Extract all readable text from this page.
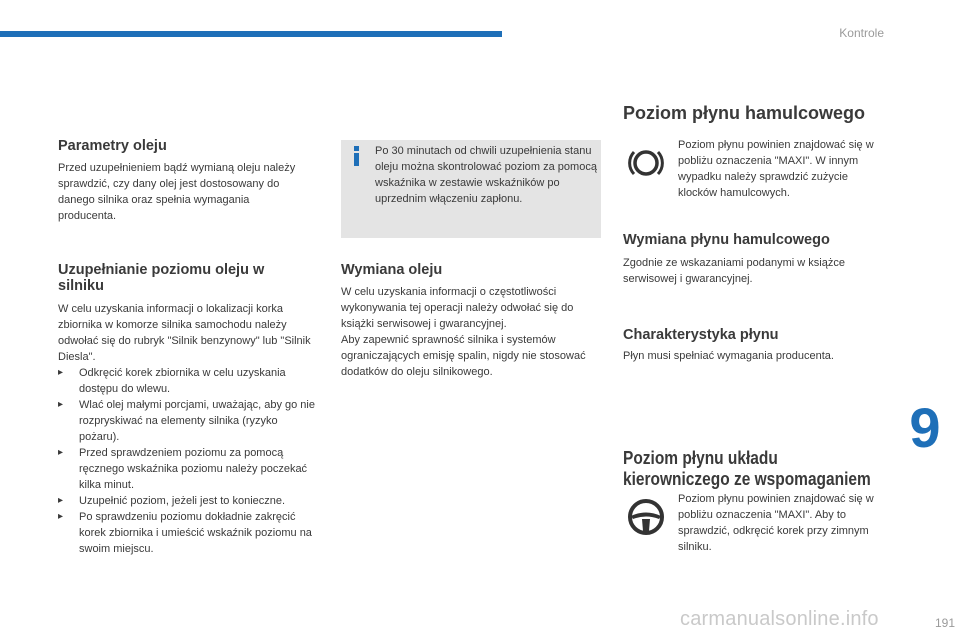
Kontrole
Parametry oleju

Przed uzupełnieniem bądź wymianą oleju należy sprawdzić, czy dany olej jest dostosowany do danego silnika oraz spełnia wymagania producenta.

Uzupełnianie poziomu oleju w silniku

W celu uzyskania informacji o lokalizacji korka zbiornika w komorze silnika samochodu należy odwołać się do rubryk "Silnik benzynowy" lub "Silnik Diesla".

▸ Odkręcić korek zbiornika w celu uzyskania dostępu do wlewu.
▸ Wlać olej małymi porcjami, uważając, aby go nie rozpryskiwać na elementy silnika (ryzyko pożaru).
▸ Przed sprawdzeniem poziomu za pomocą ręcznego wskaźnika poziomu należy poczekać kilka minut.
▸ Uzupełnić poziom, jeżeli jest to konieczne.
▸ Po sprawdzeniu poziomu dokładnie zakręcić korek zbiornika i umieścić wskaźnik poziomu na swoim miejscu.

Po 30 minutach od chwili uzupełnienia stanu oleju można skontrolować poziom za pomocą wskaźnika w zestawie wskaźników po uprzednim włączeniu zapłonu.

Wymiana oleju

W celu uzyskania informacji o częstotliwości wykonywania tej operacji należy odwołać się do książki serwisowej i gwarancyjnej.

Aby zapewnić sprawność silnika i systemów ograniczających emisję spalin, nigdy nie stosować dodatków do oleju silnikowego.

Poziom płynu hamulcowego

Poziom płynu powinien znajdować się w pobliżu oznaczenia "MAXI". W innym wypadku należy sprawdzić zużycie klocków hamulcowych.

Wymiana płynu hamulcowego

Zgodnie ze wskazaniami podanymi w książce serwisowej i gwarancyjnej.

Charakterystyka płynu

Płyn musi spełniać wymagania producenta.

Poziom płynu układu
kierowniczego ze wspomaganiem

Poziom płynu powinien znajdować się w pobliżu oznaczenia "MAXI". Aby to sprawdzić, odkręcić korek przy zimnym silniku.

9
carmanualsonline.info	191
